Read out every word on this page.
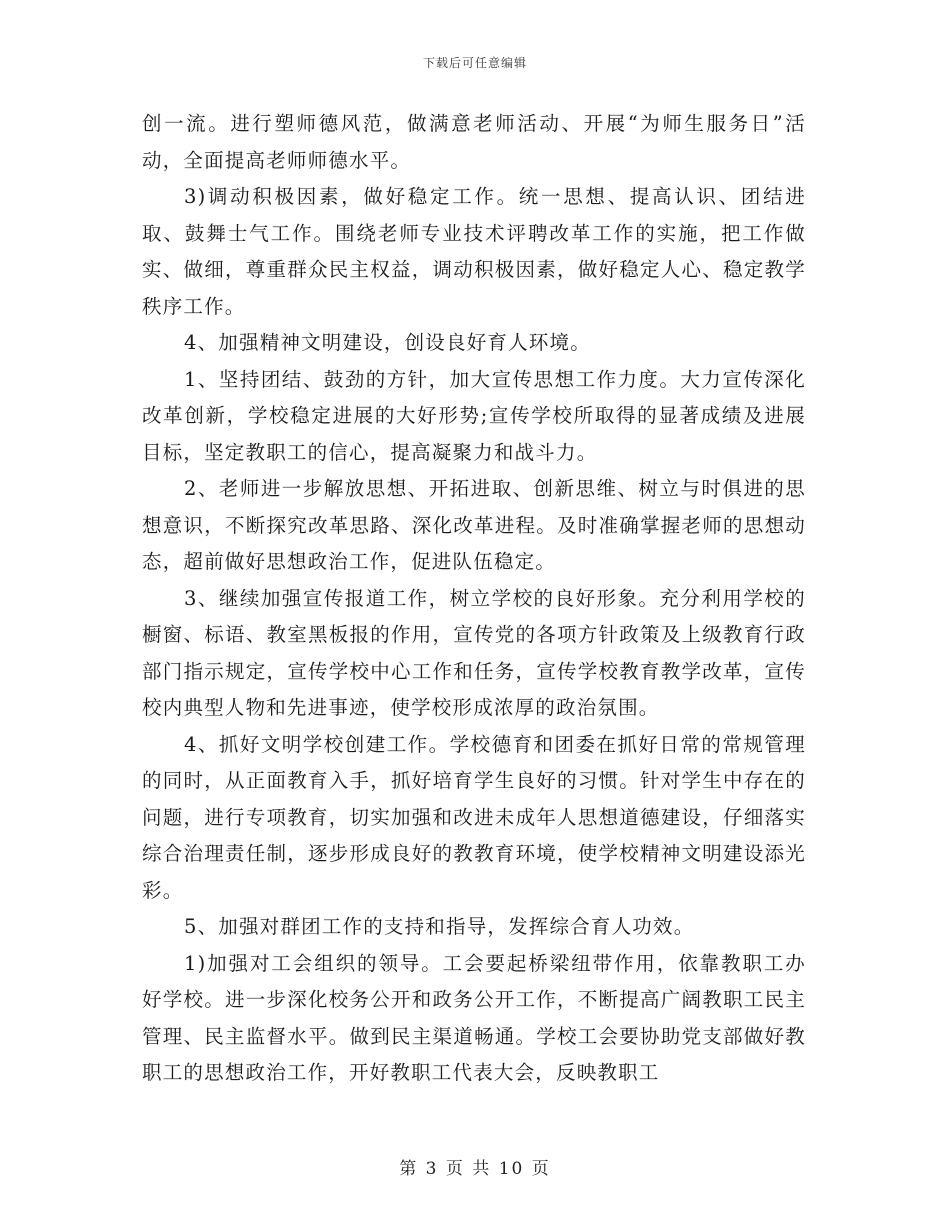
下载后可任意编辑

创一流。进行塑师德风范，做满意老师活动、开展“为师生服务日”活动，全面提高老师师德水平。

3)调动积极因素，做好稳定工作。统一思想、提高认识、团结进取、鼓舞士气工作。围绕老师专业技术评聘改革工作的实施，把工作做实、做细，尊重群众民主权益，调动积极因素，做好稳定人心、稳定教学秩序工作。

4、加强精神文明建设，创设良好育人环境。

1、坚持团结、鼓劲的方针，加大宣传思想工作力度。大力宣传深化改革创新，学校稳定进展的大好形势;宣传学校所取得的显著成绩及进展目标，坚定教职工的信心，提高凝聚力和战斗力。

2、老师进一步解放思想、开拓进取、创新思维、树立与时俱进的思想意识，不断探究改革思路、深化改革进程。及时准确掌握老师的思想动态，超前做好思想政治工作，促进队伍稳定。

3、继续加强宣传报道工作，树立学校的良好形象。充分利用学校的橱窗、标语、教室黑板报的作用，宣传党的各项方针政策及上级教育行政部门指示规定，宣传学校中心工作和任务，宣传学校教育教学改革，宣传校内典型人物和先进事迹，使学校形成浓厚的政治氛围。

4、抓好文明学校创建工作。学校德育和团委在抓好日常的常规管理的同时，从正面教育入手，抓好培育学生良好的习惯。针对学生中存在的问题，进行专项教育，切实加强和改进未成年人思想道德建设，仔细落实综合治理责任制，逐步形成良好的教教育环境，使学校精神文明建设添光彩。

5、加强对群团工作的支持和指导，发挥综合育人功效。

1)加强对工会组织的领导。工会要起桥梁纽带作用，依靠教职工办好学校。进一步深化校务公开和政务公开工作，不断提高广阔教职工民主管理、民主监督水平。做到民主渠道畅通。学校工会要协助党支部做好教职工的思想政治工作，开好教职工代表大会，反映教职工

第 3 页 共 10 页
